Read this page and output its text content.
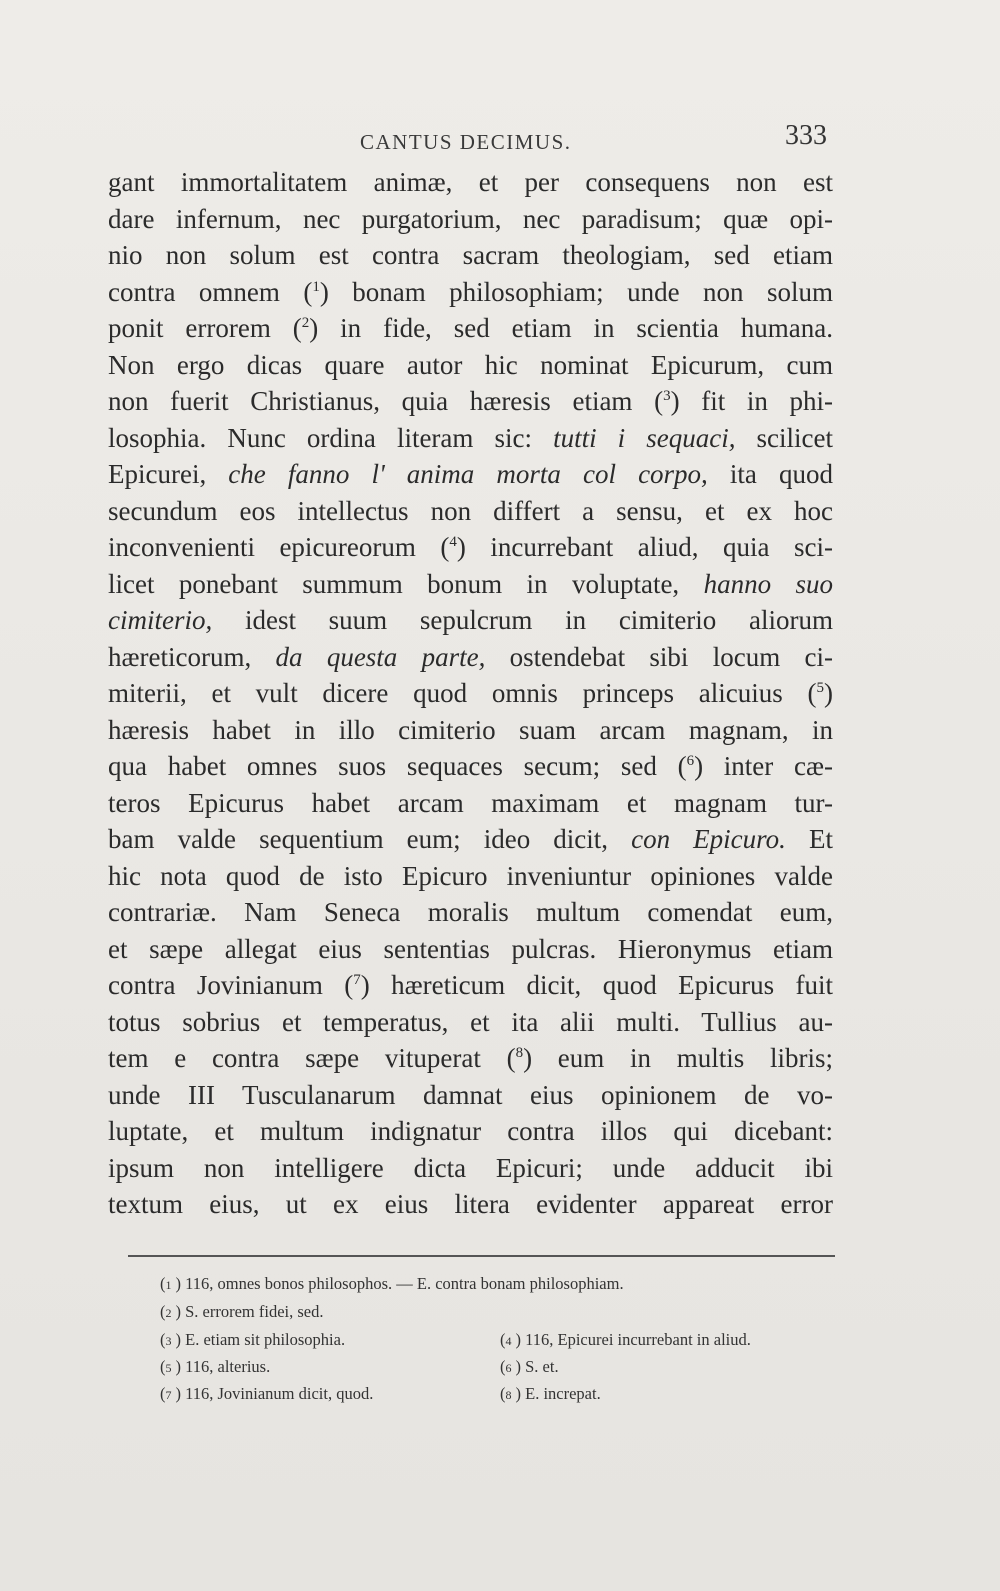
CANTUS DECIMUS.	333
gant immortalitatem animæ, et per consequens non est
dare infernum, nec purgatorium, nec paradisum; quæ opi-
nio non solum est contra sacram theologiam, sed etiam
contra omnem ($^1$) bonam philosophiam; unde non solum
ponit errorem ($^2$) in fide, sed etiam in scientia humana.
Non ergo dicas quare autor hic nominat Epicurum, cum
non fuerit Christianus, quia hæresis etiam ($^3$) fit in phi-
losophia. Nunc ordina literam sic: tutti i sequaci, scilicet
Epicurei, che fanno l' anima morta col corpo, ita quod
secundum eos intellectus non differt a sensu, et ex hoc
inconvenienti epicureorum ($^4$) incurrebant aliud, quia sci-
licet ponebant summum bonum in voluptate, hanno suo
cimiterio, idest suum sepulcrum in cimiterio aliorum
hæreticorum, da questa parte, ostendebat sibi locum ci-
miterii, et vult dicere quod omnis princeps alicuius ($^5$)
hæresis habet in illo cimiterio suam arcam magnam, in
qua habet omnes suos sequaces secum; sed ($^6$) inter cæ-
teros Epicurus habet arcam maximam et magnam tur-
bam valde sequentium eum; ideo dicit, con Epicuro. Et
hic nota quod de isto Epicuro inveniuntur opiniones valde
contrariæ. Nam Seneca moralis multum comendat eum,
et sæpe allegat eius sententias pulcras. Hieronymus etiam
contra Jovinianum ($^7$) hæreticum dicit, quod Epicurus fuit
totus sobrius et temperatus, et ita alii multi. Tullius au-
tem e contra sæpe vituperat ($^8$) eum in multis libris;
unde III Tusculanarum damnat eius opinionem de vo-
luptate, et multum indignatur contra illos qui dicebant:
ipsum non intelligere dicta Epicuri; unde adducit ibi
textum eius, ut ex eius litera evidenter appareat error
(1 ) 116, omnes bonos philosophos. — E. contra bonam philosophiam.
(2 ) S. errorem fidei, sed.
(3 ) E. etiam sit philosophia.	(4 ) 116, Epicurei incurrebant in aliud.
(5 ) 116, alterius.	(6 ) S. et.
(7 ) 116, Jovinianum dicit, quod.	(8 ) E. increpat.
